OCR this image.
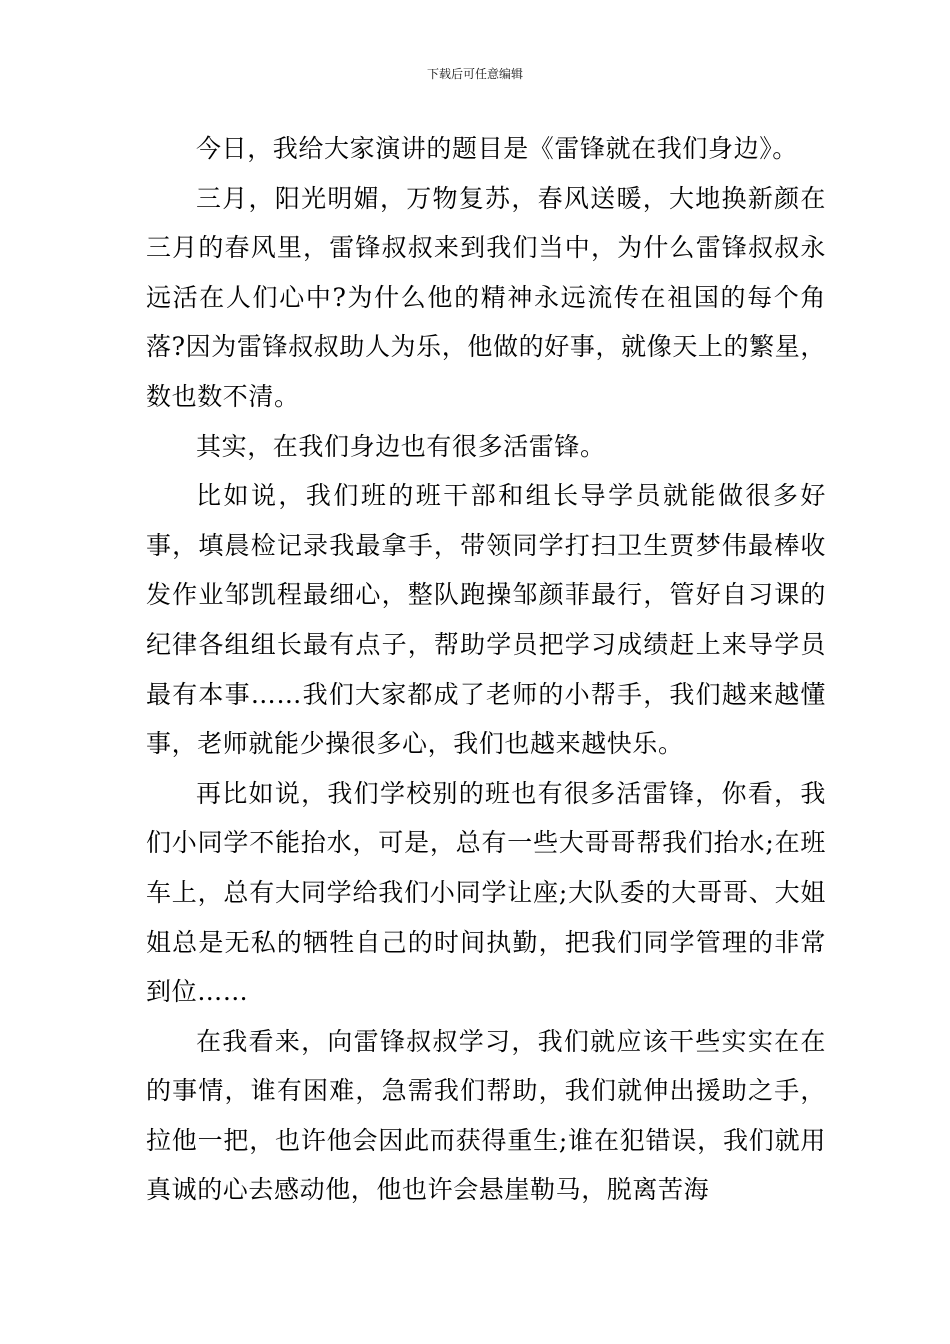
下载后可任意编辑

今日，我给大家演讲的题目是《雷锋就在我们身边》。

三月，阳光明媚，万物复苏，春风送暖，大地换新颜在三月的春风里，雷锋叔叔来到我们当中，为什么雷锋叔叔永远活在人们心中?为什么他的精神永远流传在祖国的每个角落?因为雷锋叔叔助人为乐，他做的好事，就像天上的繁星，数也数不清。

其实，在我们身边也有很多活雷锋。

比如说，我们班的班干部和组长导学员就能做很多好事，填晨检记录我最拿手，带领同学打扫卫生贾梦伟最棒收发作业邹凯程最细心，整队跑操邹颜菲最行，管好自习课的纪律各组组长最有点子，帮助学员把学习成绩赶上来导学员最有本事……我们大家都成了老师的小帮手，我们越来越懂事，老师就能少操很多心，我们也越来越快乐。

再比如说，我们学校别的班也有很多活雷锋，你看，我们小同学不能抬水，可是，总有一些大哥哥帮我们抬水;在班车上，总有大同学给我们小同学让座;大队委的大哥哥、大姐姐总是无私的牺牲自己的时间执勤，把我们同学管理的非常到位……

在我看来，向雷锋叔叔学习，我们就应该干些实实在在的事情，谁有困难，急需我们帮助，我们就伸出援助之手，拉他一把，也许他会因此而获得重生;谁在犯错误，我们就用真诚的心去感动他，他也许会悬崖勒马，脱离苦海
